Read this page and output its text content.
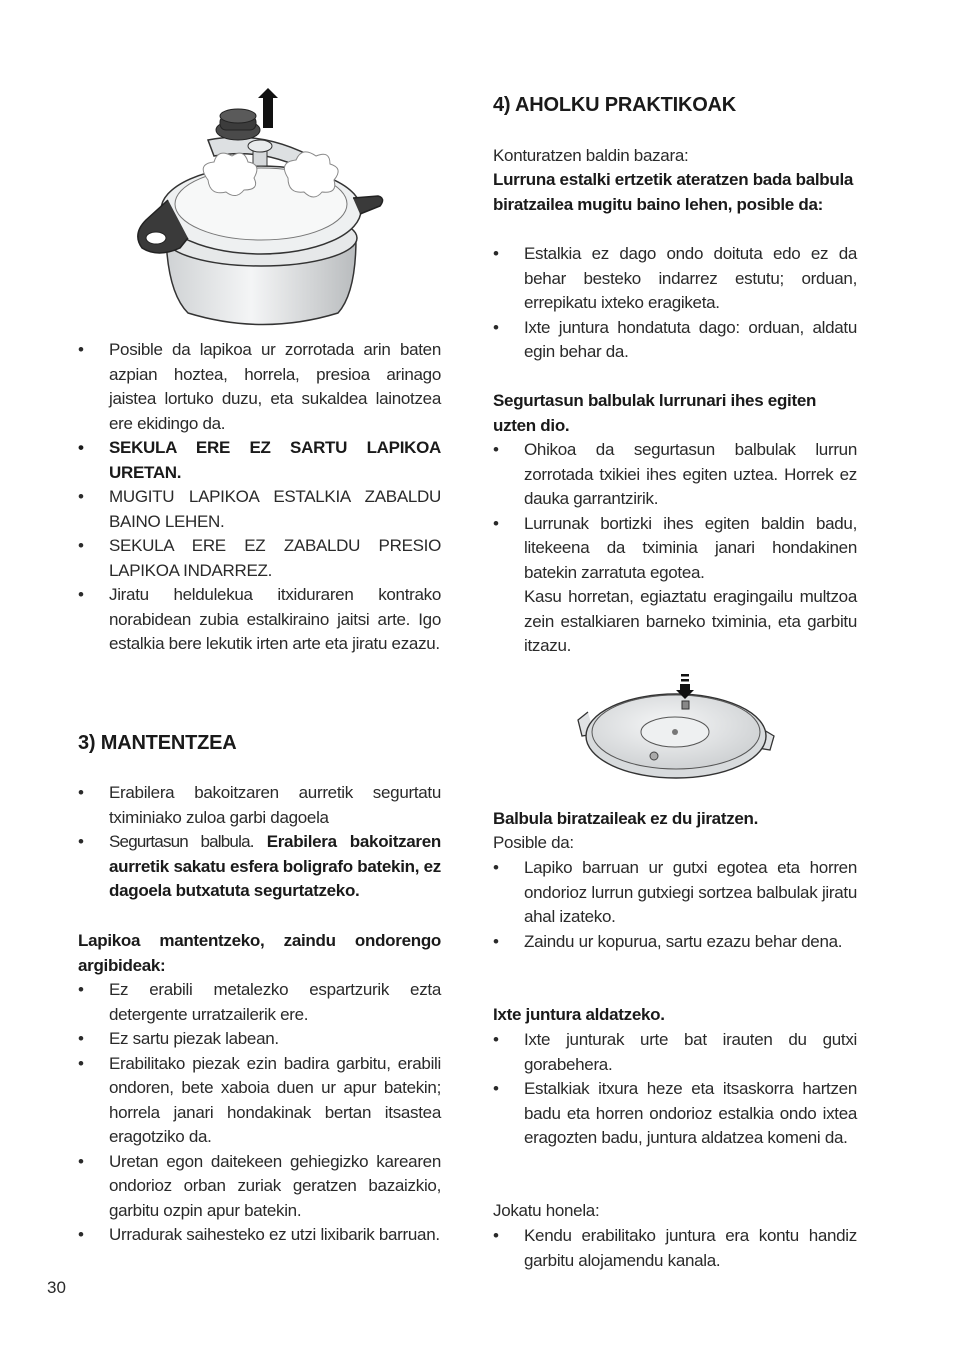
• Posible da lapikoa ur zorrotada arin baten azpian hoztea, horrela, presioa arinago jaistea lortuko duzu, eta sukaldea lainotzea ere ekidingo da.
• SEKULA ERE EZ SARTU LAPIKOA URETAN.
• MUGITU LAPIKOA ESTALKIA ZABALDU BAINO LEHEN.
• SEKULA ERE EZ ZABALDU PRESIO LAPIKOA INDARREZ.
• Jiratu heldulekua itxiduraren kontrako norabidean zubia estalkiraino jaitsi arte. Igo estalkia bere lekutik irten arte eta jiratu ezazu.
3) MANTENTZEA
• Erabilera bakoitzaren aurretik segurtatu tximiniako zuloa garbi dagoela
• Segurtasun balbula. Erabilera bakoitzaren aurretik sakatu esfera boligrafo batekin, ez dagoela butxatuta segurtatzeko.
Lapikoa mantentzeko, zaindu ondorengo argibideak:
• Ez erabili metalezko espartzurik ezta detergente urratzailerik ere.
• Ez sartu piezak labean.
• Erabilitako piezak ezin badira garbitu, erabili ondoren, bete xaboia duen ur apur batekin; horrela janari hondakinak bertan itsastea eragotziko da.
• Uretan egon daitekeen gehiegizko karearen ondorioz orban zuriak geratzen bazaizkio, garbitu ozpin apur batekin.
• Urradurak saihesteko ez utzi lixibarik barruan.
4) AHOLKU PRAKTIKOAK
Konturatzen baldin bazara:
Lurruna estalki ertzetik ateratzen bada balbula biratzailea mugitu baino lehen, posible da:
• Estalkia ez dago ondo doituta edo ez da behar besteko indarrez estutu; orduan, errepikatu ixteko eragiketa.
• Ixte juntura hondatuta dago: orduan, aldatu egin behar da.
Segurtasun balbulak lurrunari ihes egiten uzten dio.
• Ohikoa da segurtasun balbulak lurrun zorrotada txikiei ihes egiten uztea. Horrek ez dauka garrantzirik.
• Lurrunak bortizki ihes egiten baldin badu, litekeena da tximinia janari hondakinen batekin zarratuta egotea.
Kasu horretan, egiaztatu eragingailu multzoa zein estalkiaren barneko tximinia, eta garbitu itzazu.
Balbula biratzaileak ez du jiratzen.
Posible da:
• Lapiko barruan ur gutxi egotea eta horren ondorioz lurrun gutxiegi sortzea balbulak jiratu ahal izateko.
• Zaindu ur kopurua, sartu ezazu behar dena.
Ixte juntura aldatzeko.
• Ixte junturak urte bat irauten du gutxi gorabehera.
• Estalkiak itxura heze eta itsaskorra hartzen badu eta horren ondorioz estalkia ondo ixtea eragozten badu, juntura aldatzea komeni da.
Jokatu honela:
• Kendu erabilitako juntura era kontu handiz garbitu alojamendu kanala.
30
